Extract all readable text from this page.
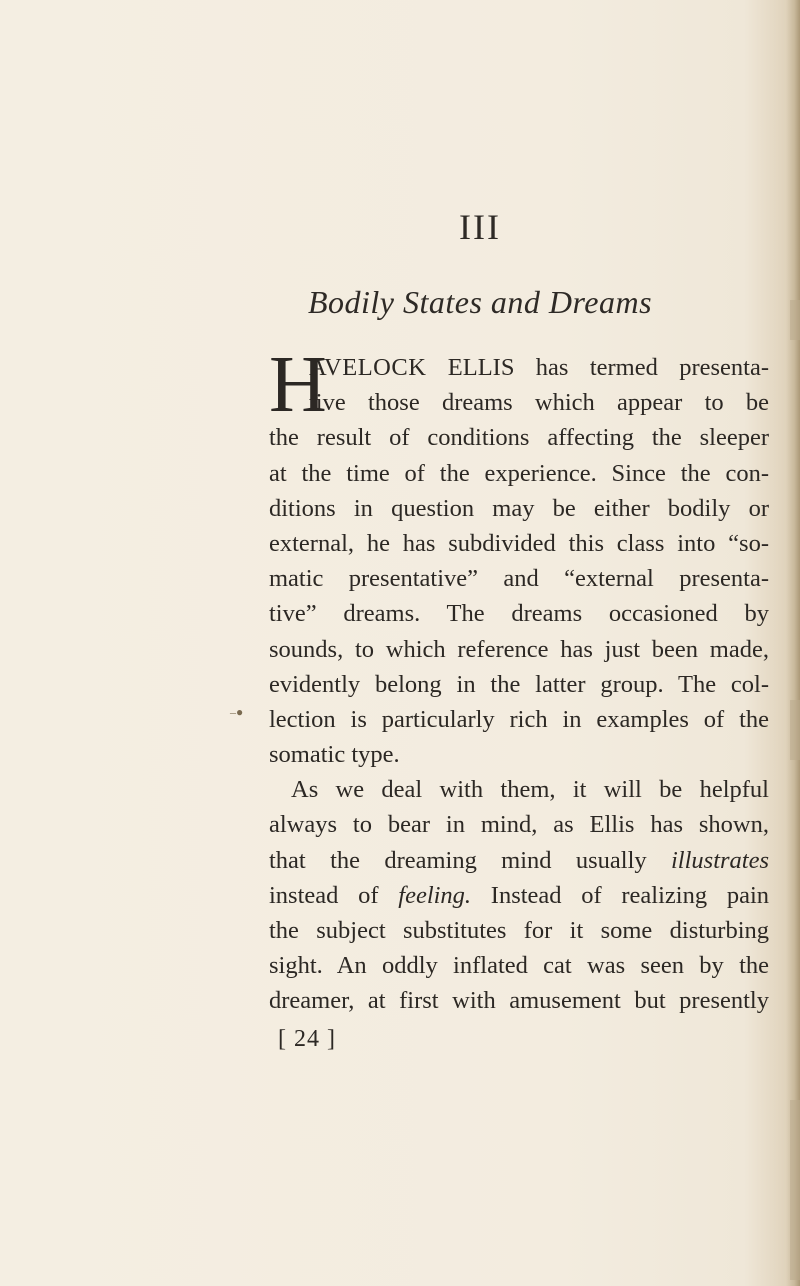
III
Bodily States and Dreams
H
AVELOCK ELLIS has termed presenta-
tive those dreams which appear to be
the result of conditions affecting the sleeper
at the time of the experience. Since the con-
ditions in question may be either bodily or
external, he has subdivided this class into “so-
matic presentative” and “external presenta-
tive” dreams. The dreams occasioned by
sounds, to which reference has just been made,
evidently belong in the latter group. The col-
lection is particularly rich in examples of the
somatic type.
As we deal with them, it will be helpful
always to bear in mind, as Ellis has shown,
that the dreaming mind usually illustrates
instead of feeling. Instead of realizing pain
the subject substitutes for it some disturbing
sight. An oddly inflated cat was seen by the
dreamer, at first with amusement but presently
–●
[ 24 ]
